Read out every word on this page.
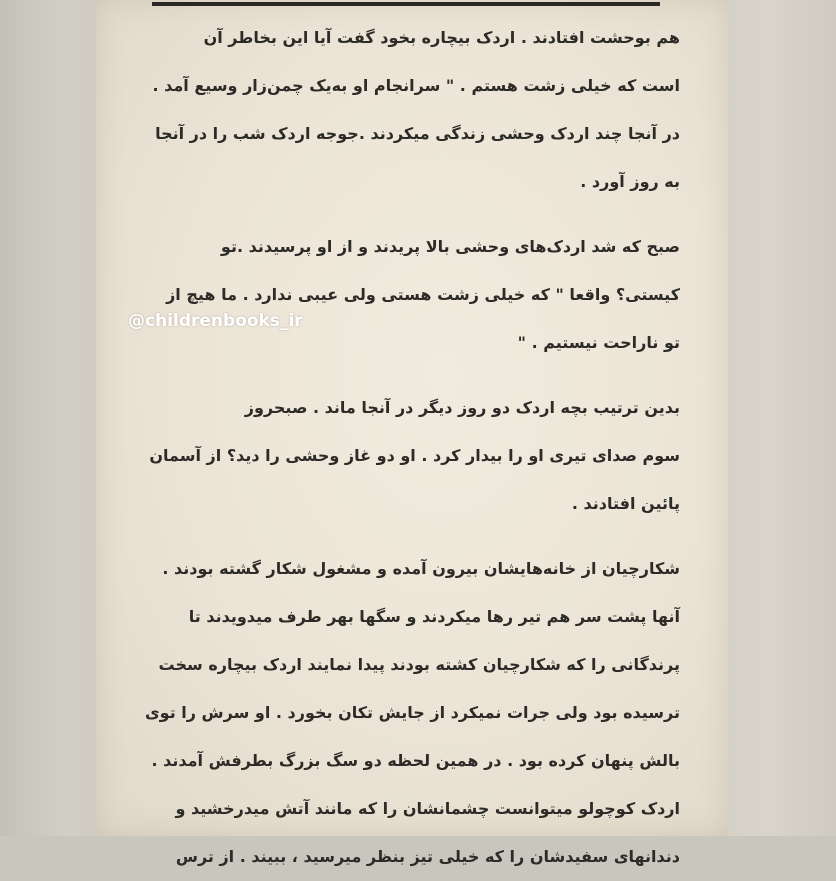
هم بوحشت افتادند . اردک بیچاره بخود گفت آیا این بخاطر آن
است که خیلی زشت هستم . " سرانجام او به‌یک چمن‌زار وسیع آمد .
در آنجا چند اردک وحشی زندگی میکردند .جوجه اردک شب را در آنجا
به روز آورد .
صبح که شد اردک‌های وحشی بالا پریدند و از او پرسیدند .تو
کیستی؟ واقعا " که خیلی زشت هستی ولی عیبی ندارد . ما هیچ از
تو ناراحت نیستیم . "
بدین ترتیب بچه اردک دو روز دیگر در آنجا ماند . صبحروز
سوم صدای تیری او را بیدار کرد . او دو غاز وحشی را دید؟ از آسمان
پائین افتادند .
شکارچیان از خانه‌هایشان بیرون آمده و مشغول شکار گشته بودند .
آنها پشت سر هم تیر رها میکردند و سگها بهر طرف میدویدند تا
پرندگانی را که شکارچیان کشته بودند پیدا نمایند اردک بیچاره سخت
ترسیده بود ولی جرات نمیکرد از جایش تکان بخورد . او سرش را توی
بالش پنهان کرده بود . در همین لحظه دو سگ بزرگ بطرفش آمدند .
اردک کوچولو میتوانست چشمانشان را که مانند آتش میدرخشید و
دندانهای سفیدشان را که خیلی تیز بنظر میرسید ، ببیند . از ترس
@childrenbooks_ir
